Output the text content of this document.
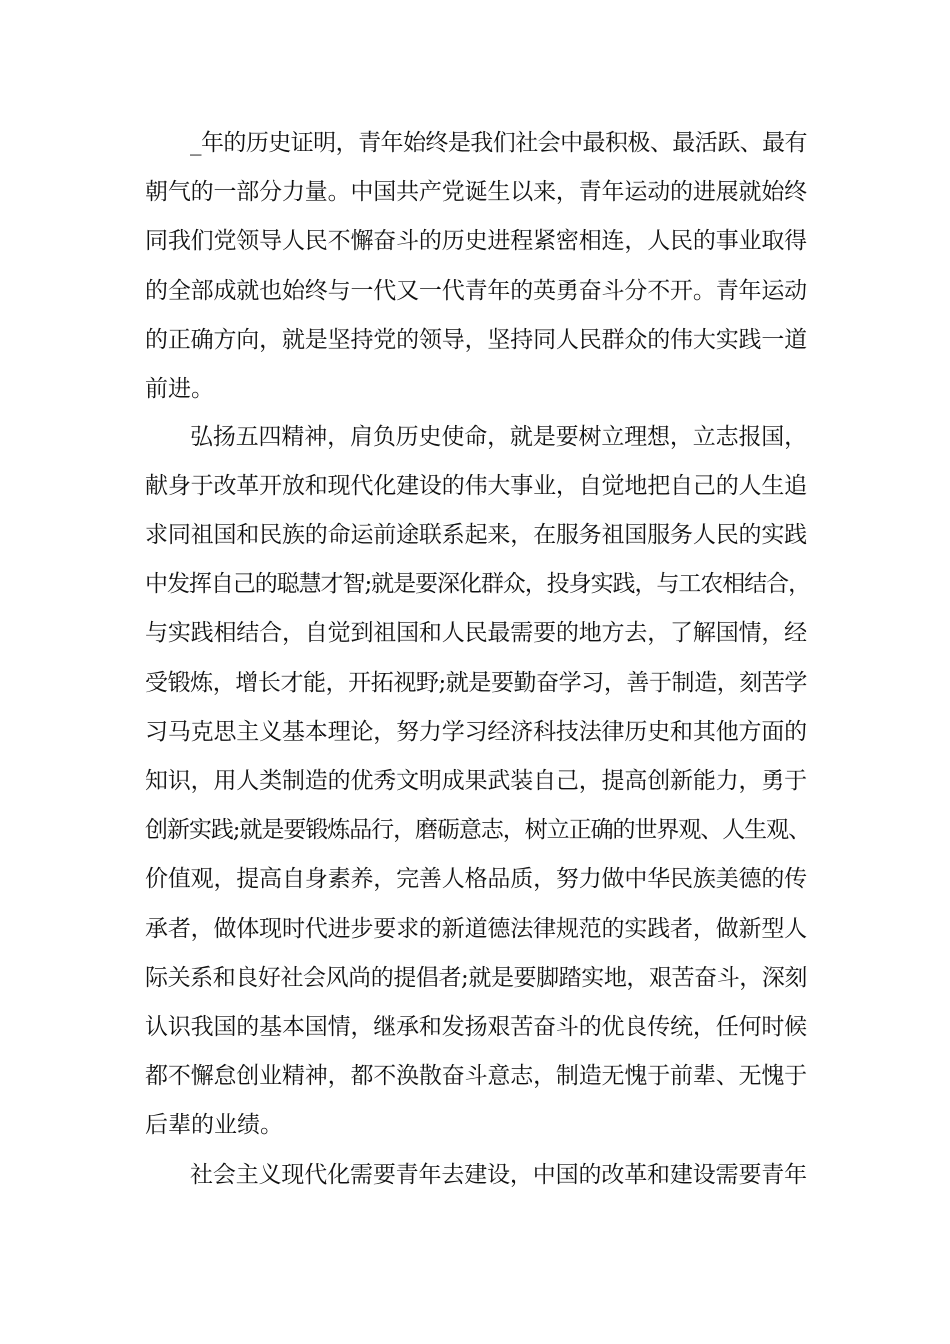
_年的历史证明，青年始终是我们社会中最积极、最活跃、最有
朝气的一部分力量。中国共产党诞生以来，青年运动的进展就始终
同我们党领导人民不懈奋斗的历史进程紧密相连，人民的事业取得
的全部成就也始终与一代又一代青年的英勇奋斗分不开。青年运动
的正确方向，就是坚持党的领导，坚持同人民群众的伟大实践一道
前进。
弘扬五四精神，肩负历史使命，就是要树立理想，立志报国，
献身于改革开放和现代化建设的伟大事业，自觉地把自己的人生追
求同祖国和民族的命运前途联系起来，在服务祖国服务人民的实践
中发挥自己的聪慧才智;就是要深化群众，投身实践，与工农相结合，
与实践相结合，自觉到祖国和人民最需要的地方去，了解国情，经
受锻炼，增长才能，开拓视野;就是要勤奋学习，善于制造，刻苦学
习马克思主义基本理论，努力学习经济科技法律历史和其他方面的
知识，用人类制造的优秀文明成果武装自己，提高创新能力，勇于
创新实践;就是要锻炼品行，磨砺意志，树立正确的世界观、人生观、
价值观，提高自身素养，完善人格品质，努力做中华民族美德的传
承者，做体现时代进步要求的新道德法律规范的实践者，做新型人
际关系和良好社会风尚的提倡者;就是要脚踏实地，艰苦奋斗，深刻
认识我国的基本国情，继承和发扬艰苦奋斗的优良传统，任何时候
都不懈怠创业精神，都不涣散奋斗意志，制造无愧于前辈、无愧于
后辈的业绩。
社会主义现代化需要青年去建设，中国的改革和建设需要青年
